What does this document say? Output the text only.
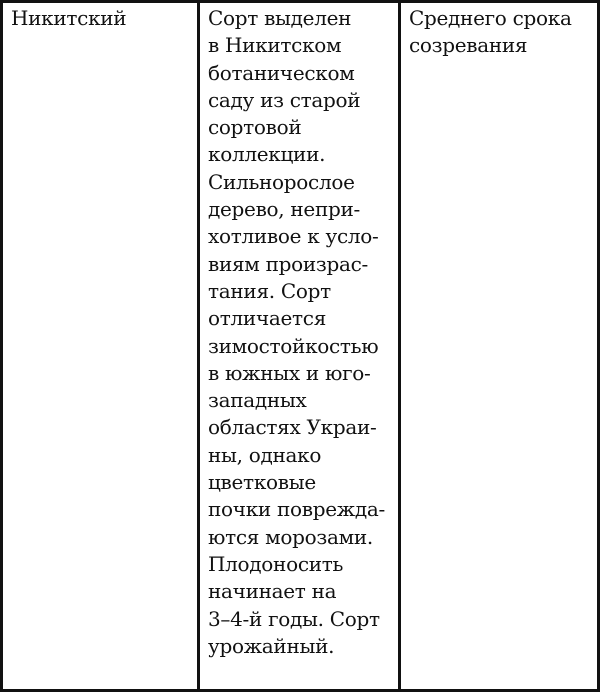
Никитский	Сорт выделен
в Никитском
ботаническом
саду из старой
сортовой
коллекции.
Сильнорослое
дерево, непри-
хотливое к усло-
виям произрас-
тания. Сорт
отличается
зимостойкостью
в южных и юго-
западных
областях Украи-
ны, однако
цветковые
почки поврежда-
ются морозами.
Плодоносить
начинает на
3–4-й годы. Сорт
урожайный.
Среднего срока
созревания
